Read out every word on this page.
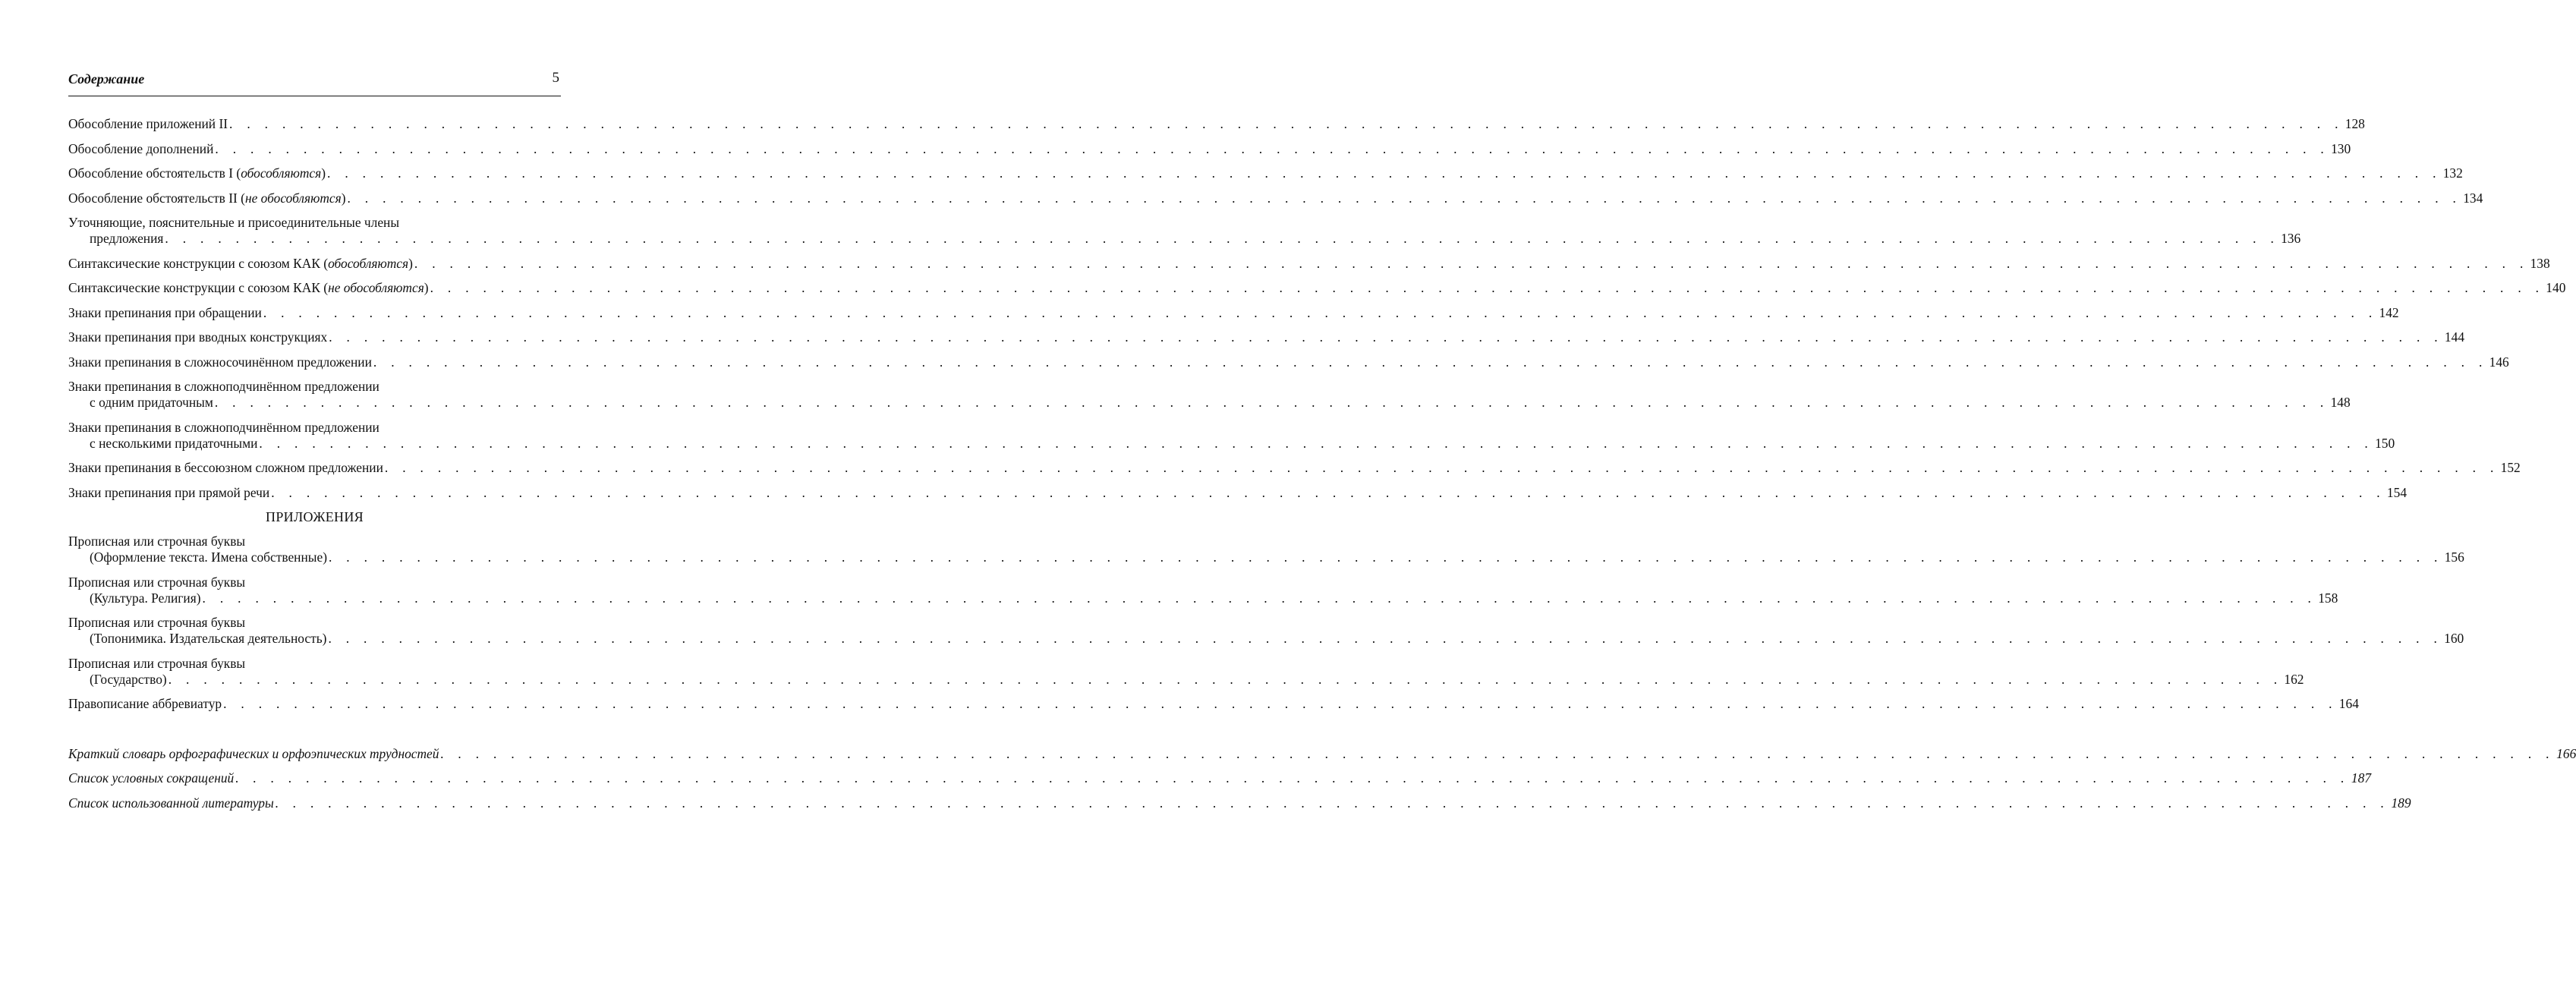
Содержание	5
Обособление приложений II . . . . . . . . . . . . . . . . . . . . . . . . . . . . . . . . . . . . . . . . . . . . . . . . . . . . . . . . . . . . . . . . . . . . . . . . . . . . . . . . . . . . . . . . . . . . . . . . . . . . . . . . . . . . . . . . . . . . . . . . 128
Обособление дополнений . . . . . . . . . . . . . . . . . . . . . . . . . . . . . . . . . . . . . . . . . . . . . . . . . . . . . . . . . . . . . . . . . . . . . . . . . . . . . . . . . . . . . . . . . . . . . . . . . . . . . . . . . . . . . . . . . . . . . . . . 130
Обособление обстоятельств I (обособляются) . . . . . . . . . . . . . . . . . . . . . . . . . . . . . . . . . . . . . . . . . . . . . . . . . . . . . . . . . . . . . . . . . . . . . . . . . . . . . . . . . . . . . . . . . . . . . . . . . . . . . . . . . . . . . . . . . . . . . . . . 132
Обособление обстоятельств II (не обособляются) . . . . . . . . . . . . . . . . . . . . . . . . . . . . . . . . . . . . . . . . . . . . . . . . . . . . . . . . . . . . . . . . . . . . . . . . . . . . . . . . . . . . . . . . . . . . . . . . . . . . . . . . . . . . . . . . . . . . . . . . 134
Уточняющие, пояснительные и присоединительные члены
предложения . . . . . . . . . . . . . . . . . . . . . . . . . . . . . . . . . . . . . . . . . . . . . . . . . . . . . . . . . . . . . . . . . . . . . . . . . . . . . . . . . . . . . . . . . . . . . . . . . . . . . . . . . . . . . . . . . . . . . . . . 136
Синтаксические конструкции с союзом КАК (обособляются) . . . . . . . . . . . . . . . . . . . . . . . . . . . . . . . . . . . . . . . . . . . . . . . . . . . . . . . . . . . . . . . . . . . . . . . . . . . . . . . . . . . . . . . . . . . . . . . . . . . . . . . . . . . . . . . . . . . . . . . . 138
Синтаксические конструкции с союзом КАК (не обособляются) . . . . . . . . . . . . . . . . . . . . . . . . . . . . . . . . . . . . . . . . . . . . . . . . . . . . . . . . . . . . . . . . . . . . . . . . . . . . . . . . . . . . . . . . . . . . . . . . . . . . . . . . . . . . . . . . . . . . . . . . 140
Знаки препинания при обращении . . . . . . . . . . . . . . . . . . . . . . . . . . . . . . . . . . . . . . . . . . . . . . . . . . . . . . . . . . . . . . . . . . . . . . . . . . . . . . . . . . . . . . . . . . . . . . . . . . . . . . . . . . . . . . . . . . . . . . . . 142
Знаки препинания при вводных конструкциях . . . . . . . . . . . . . . . . . . . . . . . . . . . . . . . . . . . . . . . . . . . . . . . . . . . . . . . . . . . . . . . . . . . . . . . . . . . . . . . . . . . . . . . . . . . . . . . . . . . . . . . . . . . . . . . . . . . . . . . . 144
Знаки препинания в сложносочинённом предложении . . . . . . . . . . . . . . . . . . . . . . . . . . . . . . . . . . . . . . . . . . . . . . . . . . . . . . . . . . . . . . . . . . . . . . . . . . . . . . . . . . . . . . . . . . . . . . . . . . . . . . . . . . . . . . . . . . . . . . . . 146
Знаки препинания в сложноподчинённом предложении
с одним придаточным . . . . . . . . . . . . . . . . . . . . . . . . . . . . . . . . . . . . . . . . . . . . . . . . . . . . . . . . . . . . . . . . . . . . . . . . . . . . . . . . . . . . . . . . . . . . . . . . . . . . . . . . . . . . . . . . . . . . . . . . 148
Знаки препинания в сложноподчинённом предложении
с несколькими придаточными . . . . . . . . . . . . . . . . . . . . . . . . . . . . . . . . . . . . . . . . . . . . . . . . . . . . . . . . . . . . . . . . . . . . . . . . . . . . . . . . . . . . . . . . . . . . . . . . . . . . . . . . . . . . . . . . . . . . . . . . 150
Знаки препинания в бессоюзном сложном предложении . . . . . . . . . . . . . . . . . . . . . . . . . . . . . . . . . . . . . . . . . . . . . . . . . . . . . . . . . . . . . . . . . . . . . . . . . . . . . . . . . . . . . . . . . . . . . . . . . . . . . . . . . . . . . . . . . . . . . . . . 152
Знаки препинания при прямой речи . . . . . . . . . . . . . . . . . . . . . . . . . . . . . . . . . . . . . . . . . . . . . . . . . . . . . . . . . . . . . . . . . . . . . . . . . . . . . . . . . . . . . . . . . . . . . . . . . . . . . . . . . . . . . . . . . . . . . . . . 154
ПРИЛОЖЕНИЯ
Прописная или строчная буквы
(Оформление текста. Имена собственные) . . . . . . . . . . . . . . . . . . . . . . . . . . . . . . . . . . . . . . . . . . . . . . . . . . . . . . . . . . . . . . . . . . . . . . . . . . . . . . . . . . . . . . . . . . . . . . . . . . . . . . . . . . . . . . . . . . . . . . . . 156
Прописная или строчная буквы
(Культура. Религия) . . . . . . . . . . . . . . . . . . . . . . . . . . . . . . . . . . . . . . . . . . . . . . . . . . . . . . . . . . . . . . . . . . . . . . . . . . . . . . . . . . . . . . . . . . . . . . . . . . . . . . . . . . . . . . . . . . . . . . . . 158
Прописная или строчная буквы
(Топонимика. Издательская деятельность) . . . . . . . . . . . . . . . . . . . . . . . . . . . . . . . . . . . . . . . . . . . . . . . . . . . . . . . . . . . . . . . . . . . . . . . . . . . . . . . . . . . . . . . . . . . . . . . . . . . . . . . . . . . . . . . . . . . . . . . . 160
Прописная или строчная буквы
(Государство) . . . . . . . . . . . . . . . . . . . . . . . . . . . . . . . . . . . . . . . . . . . . . . . . . . . . . . . . . . . . . . . . . . . . . . . . . . . . . . . . . . . . . . . . . . . . . . . . . . . . . . . . . . . . . . . . . . . . . . . . 162
Правописание аббревиатур . . . . . . . . . . . . . . . . . . . . . . . . . . . . . . . . . . . . . . . . . . . . . . . . . . . . . . . . . . . . . . . . . . . . . . . . . . . . . . . . . . . . . . . . . . . . . . . . . . . . . . . . . . . . . . . . . . . . . . . . 164
Краткий словарь орфографических и орфоэпических трудностей . . . . . . . . . . . . . . . . . . . . . . . . . . . . . . . . . . . . . . . . . . . . . . . . . . . . . . . . . . . . . . . . . . . . . . . . . . . . . . . . . . . . . . . . . . . . . . . . . . . . . . . . . . . . . . . . . . . . . . . . 166
Список условных сокращений . . . . . . . . . . . . . . . . . . . . . . . . . . . . . . . . . . . . . . . . . . . . . . . . . . . . . . . . . . . . . . . . . . . . . . . . . . . . . . . . . . . . . . . . . . . . . . . . . . . . . . . . . . . . . . . . . . . . . . . . 187
Список использованной литературы . . . . . . . . . . . . . . . . . . . . . . . . . . . . . . . . . . . . . . . . . . . . . . . . . . . . . . . . . . . . . . . . . . . . . . . . . . . . . . . . . . . . . . . . . . . . . . . . . . . . . . . . . . . . . . . . . . . . . . . . 189
